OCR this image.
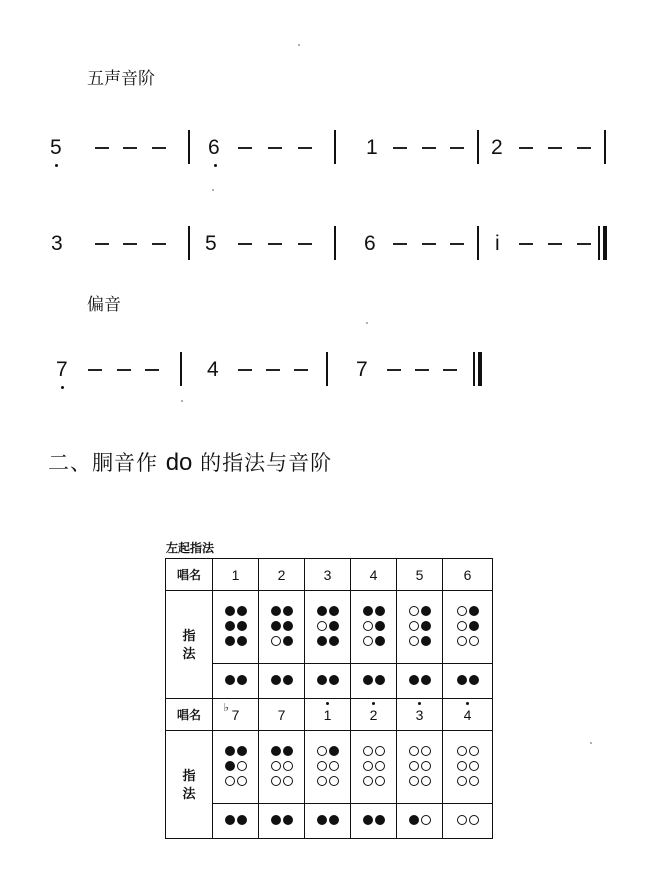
五声音阶
5	6	1	2
3	5	6	i
偏音
7	4	7
二、胴音作 do 的指法与音阶
左起指法
唱名	1	2	3	4	5	6
指法	

唱名	♭ 7	7	1	2	3	4
指法	
